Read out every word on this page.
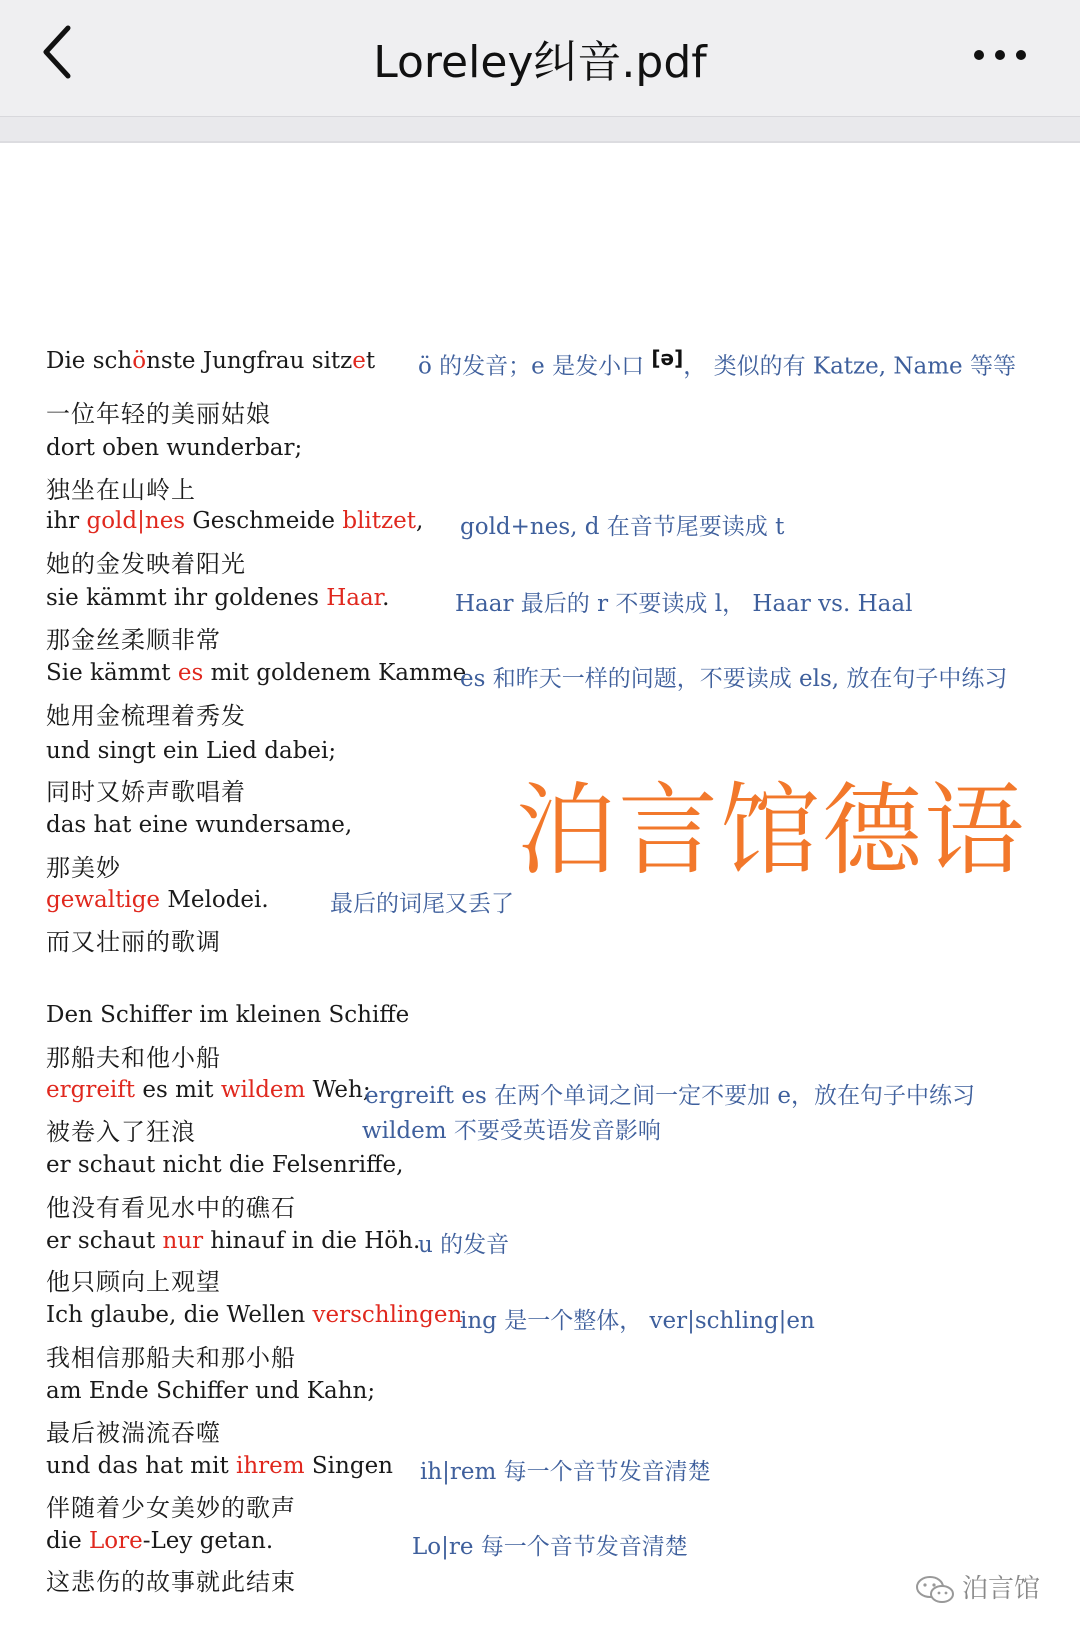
Loreley纠音.pdf
Die schönste Jungfrau sitzet ö 的发音；e 是发小口 [ə]， 类似的有 Katze, Name 等等
一位年轻的美丽姑娘
dort oben wunderbar;
独坐在山岭上
ihr gold|nes Geschmeide blitzet, gold+nes, d 在音节尾要读成 t
她的金发映着阳光
sie kämmt ihr goldenes Haar.	Haar 最后的 r 不要读成 l， Haar vs. Haal
那金丝柔顺非常
Sie kämmt es mit goldenem Kamme
es 和昨天一样的问题，不要读成 els, 放在句子中练习
她用金梳理着秀发
und singt ein Lied dabei;
同时又娇声歌唱着
das hat eine wundersame,
那美妙
gewaltige Melodei.	最后的词尾又丢了
而又壮丽的歌调
Den Schiffer im kleinen Schiffe
那船夫和他小船
ergreift es mit wildem Weh;
ergreift es 在两个单词之间一定不要加 e，放在句子中练习
被卷入了狂浪	wildem 不要受英语发音影响
er schaut nicht die Felsenriffe,
他没有看见水中的礁石
er schaut nur hinauf in die Höh.
u 的发音
他只顾向上观望
Ich glaube, die Wellen verschlingen
ing 是一个整体， ver|schling|en
我相信那船夫和那小船
am Ende Schiffer und Kahn;
最后被湍流吞噬
und das hat mit ihrem Singen ih|rem 每一个音节发音清楚
伴随着少女美妙的歌声
die Lore-Ley getan.	Lo|re 每一个音节发音清楚
这悲伤的故事就此结束
泊言馆德语
泊言馆
